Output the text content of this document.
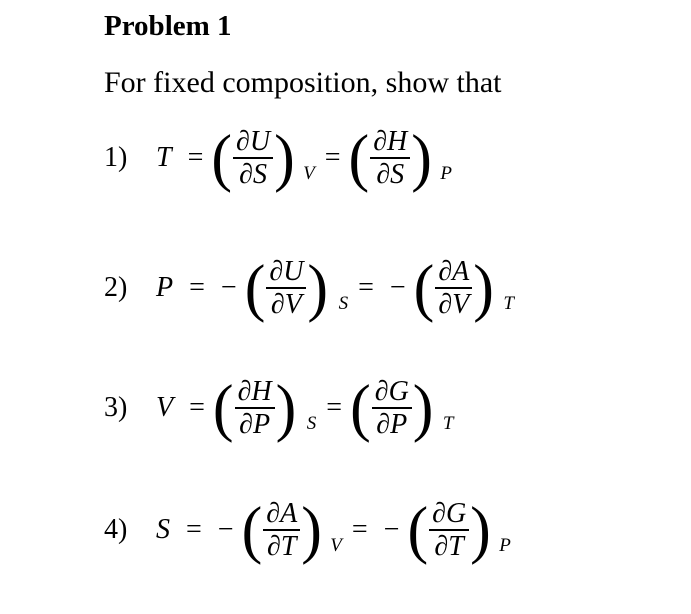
Problem 1
For fixed composition, show that
1)	T = ( $\frac{\partial U}{\partial S}$ ) V
= ( $\frac{\partial H}{\partial S}$ ) P
2)	P = − ( $\frac{\partial U}{\partial V}$ ) S
= − ( $\frac{\partial A}{\partial V}$ ) T
3)	V = ( $\frac{\partial H}{\partial P}$ ) S
= ( $\frac{\partial G}{\partial P}$ ) T
4)	S = − ( $\frac{\partial A}{\partial T}$ ) V
= − ( $\frac{\partial G}{\partial T}$ ) P
